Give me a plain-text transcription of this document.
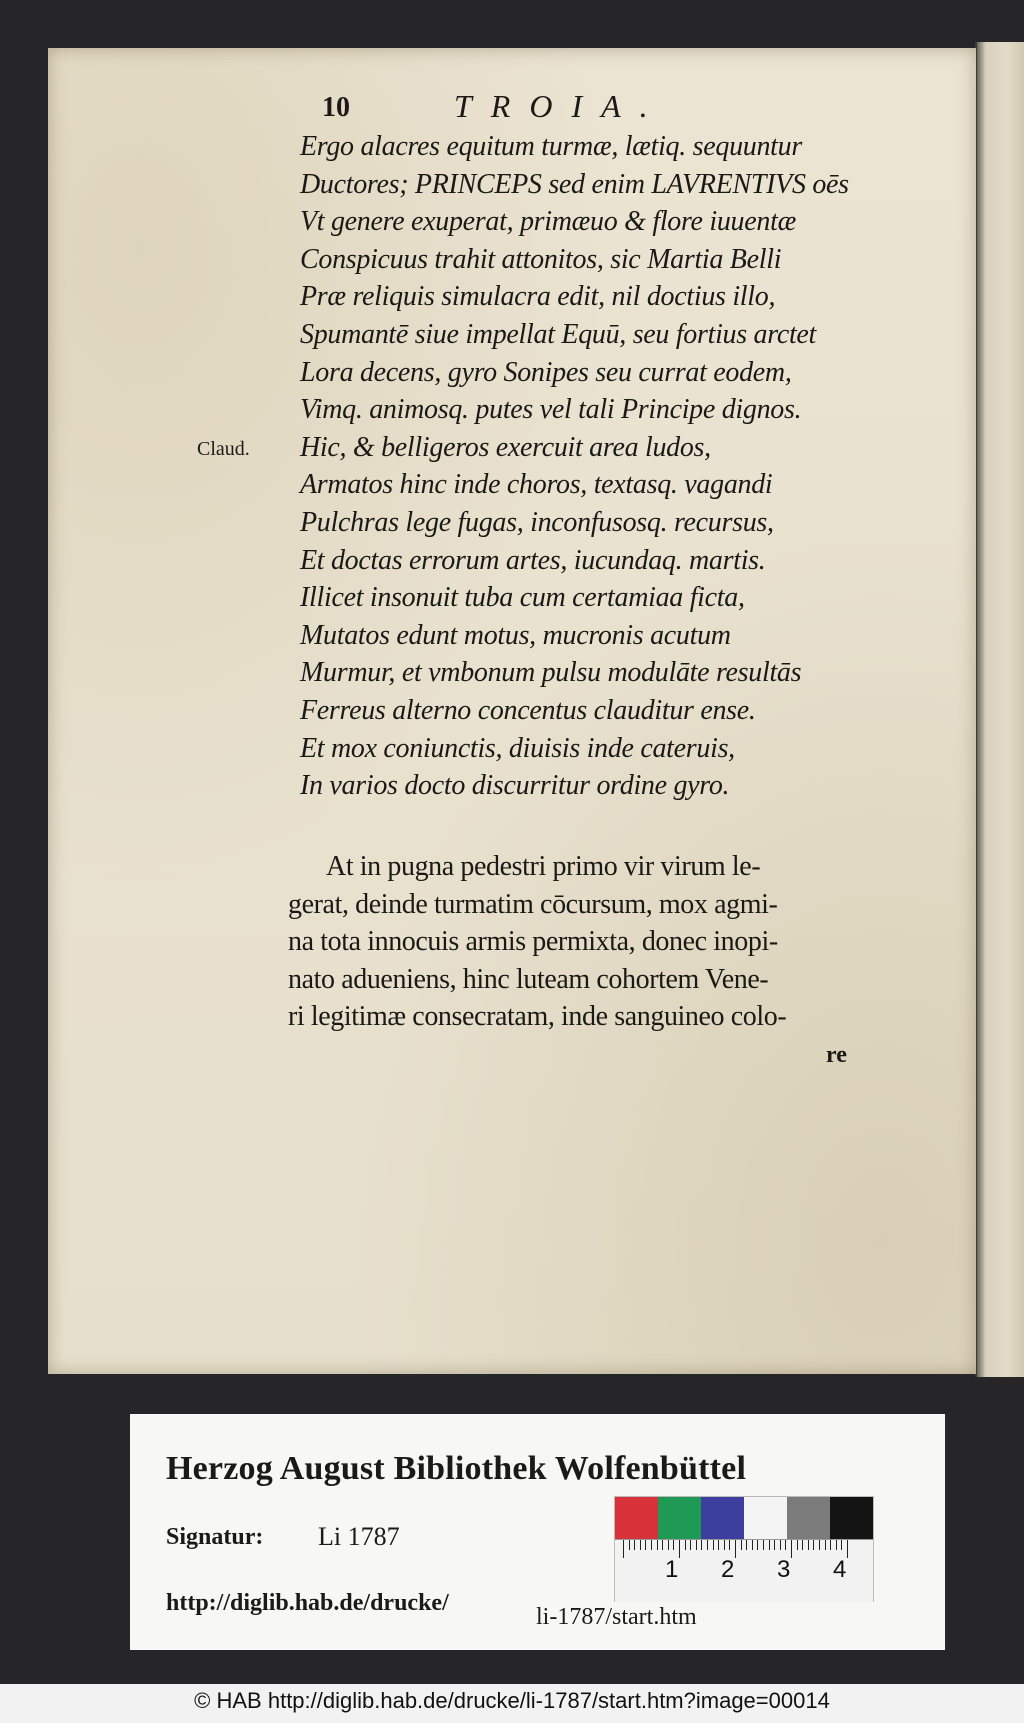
10	TROIA.
Claud.
Ergo alacres equitum turmæ, lætiq. sequuntur
Ductores; PRINCEPS sed enim LAVRENTIVS oēs
Vt genere exuperat, primæuo & flore iuuentæ
Conspicuus trahit attonitos, sic Martia Belli
Præ reliquis simulacra edit, nil doctius illo,
Spumantē siue impellat Equū, seu fortius arctet
Lora decens, gyro Sonipes seu currat eodem,
Vimq. animosq. putes vel tali Principe dignos.
Hic, & belligeros exercuit area ludos,
Armatos hinc inde choros, textasq. vagandi
Pulchras lege fugas, inconfusosq. recursus,
Et doctas errorum artes, iucundaq. martis.
Illicet insonuit tuba cum certamiaa ficta,
Mutatos edunt motus, mucronis acutum
Murmur, et vmbonum pulsu modulāte resultās
Ferreus alterno concentus clauditur ense.
Et mox coniunctis, diuisis inde cateruis,
In varios docto discurritur ordine gyro.
At in pugna pedestri primo vir virum le-
gerat, deinde turmatim cōcursum, mox agmi-
na tota innocuis armis permixta, donec inopi-
nato adueniens, hinc luteam cohortem Vene-
ri legitimæ consecratam, inde sanguineo colo-
re
Herzog August Bibliothek Wolfenbüttel
Signatur: Li 1787
http://diglib.hab.de/drucke/
li-1787/start.htm
1 2 3 4
© HAB http://diglib.hab.de/drucke/li-1787/start.htm?image=00014
